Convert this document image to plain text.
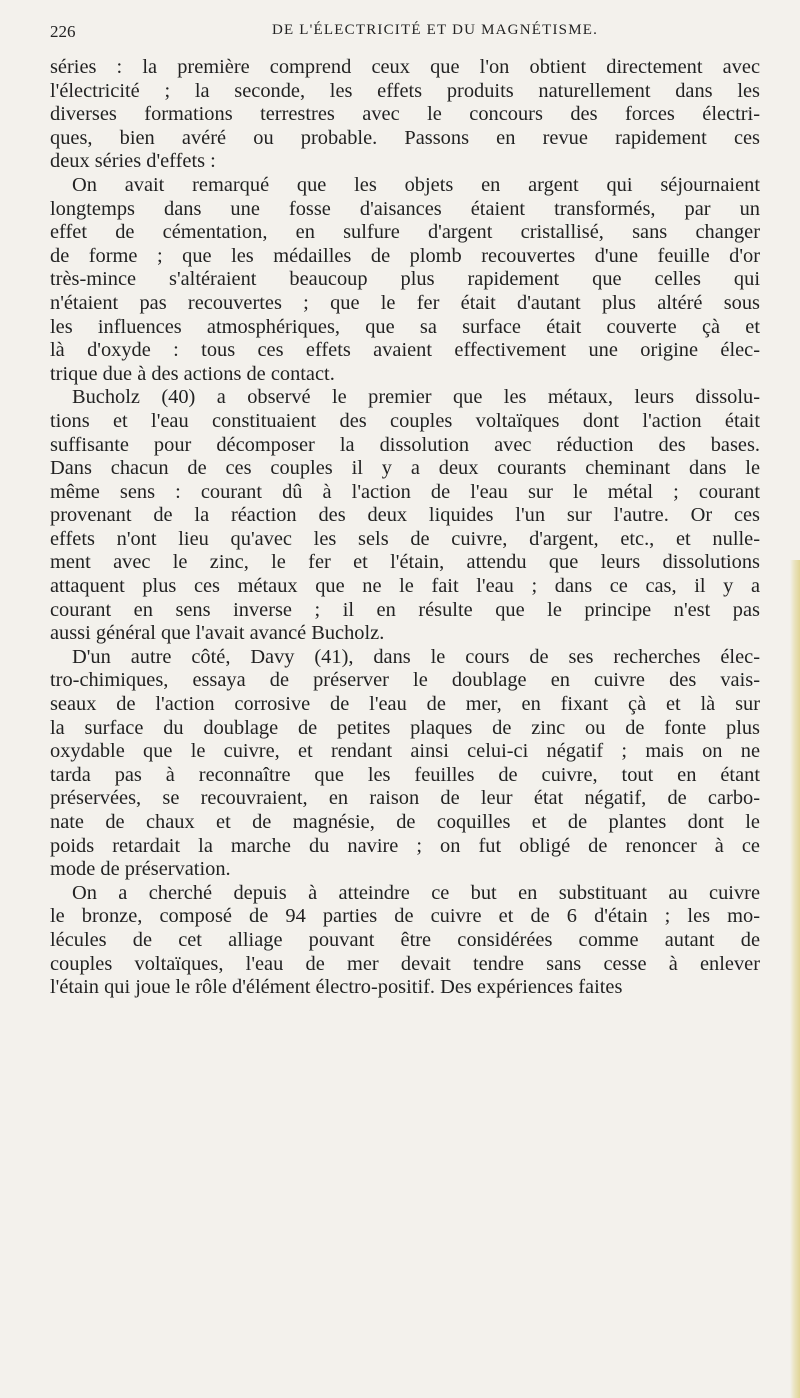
226	DE L'ÉLECTRICITÉ ET DU MAGNÉTISME.
séries : la première comprend ceux que l'on obtient directement avec
l'électricité ; la seconde, les effets produits naturellement dans les
diverses formations terrestres avec le concours des forces électri-
ques, bien avéré ou probable. Passons en revue rapidement ces
deux séries d'effets :
On avait remarqué que les objets en argent qui séjournaient
longtemps dans une fosse d'aisances étaient transformés, par un
effet de cémentation, en sulfure d'argent cristallisé, sans changer
de forme ; que les médailles de plomb recouvertes d'une feuille d'or
très-mince s'altéraient beaucoup plus rapidement que celles qui
n'étaient pas recouvertes ; que le fer était d'autant plus altéré sous
les influences atmosphériques, que sa surface était couverte çà et
là d'oxyde : tous ces effets avaient effectivement une origine élec-
trique due à des actions de contact.
Bucholz (40) a observé le premier que les métaux, leurs dissolu-
tions et l'eau constituaient des couples voltaïques dont l'action était
suffisante pour décomposer la dissolution avec réduction des bases.
Dans chacun de ces couples il y a deux courants cheminant dans le
même sens : courant dû à l'action de l'eau sur le métal ; courant
provenant de la réaction des deux liquides l'un sur l'autre. Or ces
effets n'ont lieu qu'avec les sels de cuivre, d'argent, etc., et nulle-
ment avec le zinc, le fer et l'étain, attendu que leurs dissolutions
attaquent plus ces métaux que ne le fait l'eau ; dans ce cas, il y a
courant en sens inverse ; il en résulte que le principe n'est pas
aussi général que l'avait avancé Bucholz.
D'un autre côté, Davy (41), dans le cours de ses recherches élec-
tro-chimiques, essaya de préserver le doublage en cuivre des vais-
seaux de l'action corrosive de l'eau de mer, en fixant çà et là sur
la surface du doublage de petites plaques de zinc ou de fonte plus
oxydable que le cuivre, et rendant ainsi celui-ci négatif ; mais on ne
tarda pas à reconnaître que les feuilles de cuivre, tout en étant
préservées, se recouvraient, en raison de leur état négatif, de carbo-
nate de chaux et de magnésie, de coquilles et de plantes dont le
poids retardait la marche du navire ; on fut obligé de renoncer à ce
mode de préservation.
On a cherché depuis à atteindre ce but en substituant au cuivre
le bronze, composé de 94 parties de cuivre et de 6 d'étain ; les mo-
lécules de cet alliage pouvant être considérées comme autant de
couples voltaïques, l'eau de mer devait tendre sans cesse à enlever
l'étain qui joue le rôle d'élément électro-positif. Des expériences faites
